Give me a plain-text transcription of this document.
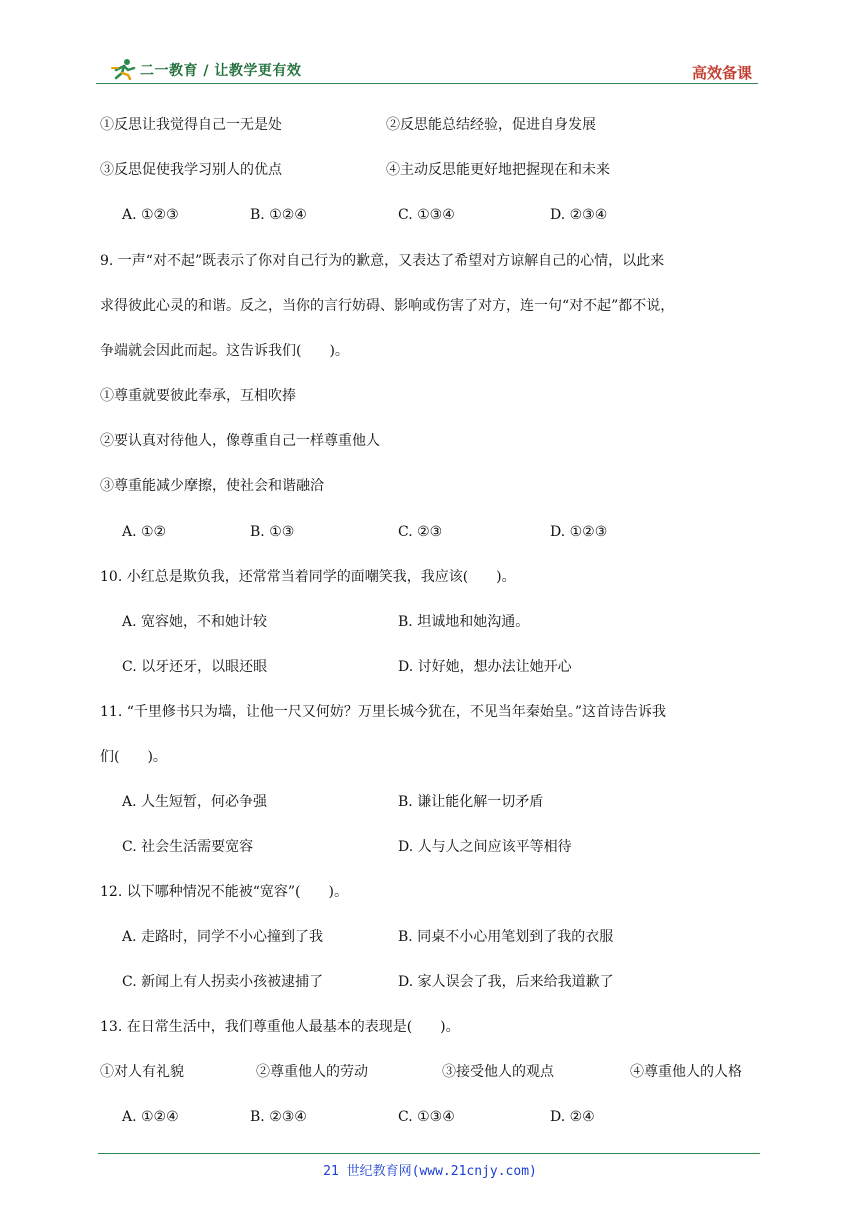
二一教育 / 让教学更有效	高效备课
①反思让我觉得自己一无是处	②反思能总结经验，促进自身发展
③反思促使我学习别人的优点	④主动反思能更好地把握现在和未来
A. ①②③	B. ①②④	C. ①③④	D. ②③④
9. 一声“对不起”既表示了你对自己行为的歉意，又表达了希望对方谅解自己的心情，以此来
求得彼此心灵的和谐。反之，当你的言行妨碍、影响或伤害了对方，连一句“对不起”都不说，
争端就会因此而起。这告诉我们(　　)。
①尊重就要彼此奉承，互相吹捧
②要认真对待他人，像尊重自己一样尊重他人
③尊重能减少摩擦，使社会和谐融洽
A. ①②	B. ①③	C. ②③	D. ①②③
10. 小红总是欺负我，还常常当着同学的面嘲笑我，我应该(　　)。
A. 宽容她，不和她计较	B. 坦诚地和她沟通。
C. 以牙还牙，以眼还眼	D. 讨好她，想办法让她开心
11. “千里修书只为墙，让他一尺又何妨？万里长城今犹在，不见当年秦始皇。”这首诗告诉我
们(　　)。
A. 人生短暂，何必争强	B. 谦让能化解一切矛盾
C. 社会生活需要宽容	D. 人与人之间应该平等相待
12. 以下哪种情况不能被“宽容”(　　)。
A. 走路时，同学不小心撞到了我	B. 同桌不小心用笔划到了我的衣服
C. 新闻上有人拐卖小孩被逮捕了	D. 家人误会了我，后来给我道歉了
13. 在日常生活中，我们尊重他人最基本的表现是(　　)。
①对人有礼貌	②尊重他人的劳动	③接受他人的观点	④尊重他人的人格
A. ①②④	B. ②③④	C. ①③④	D. ②④
21 世纪教育网(www.21cnjy.com)
